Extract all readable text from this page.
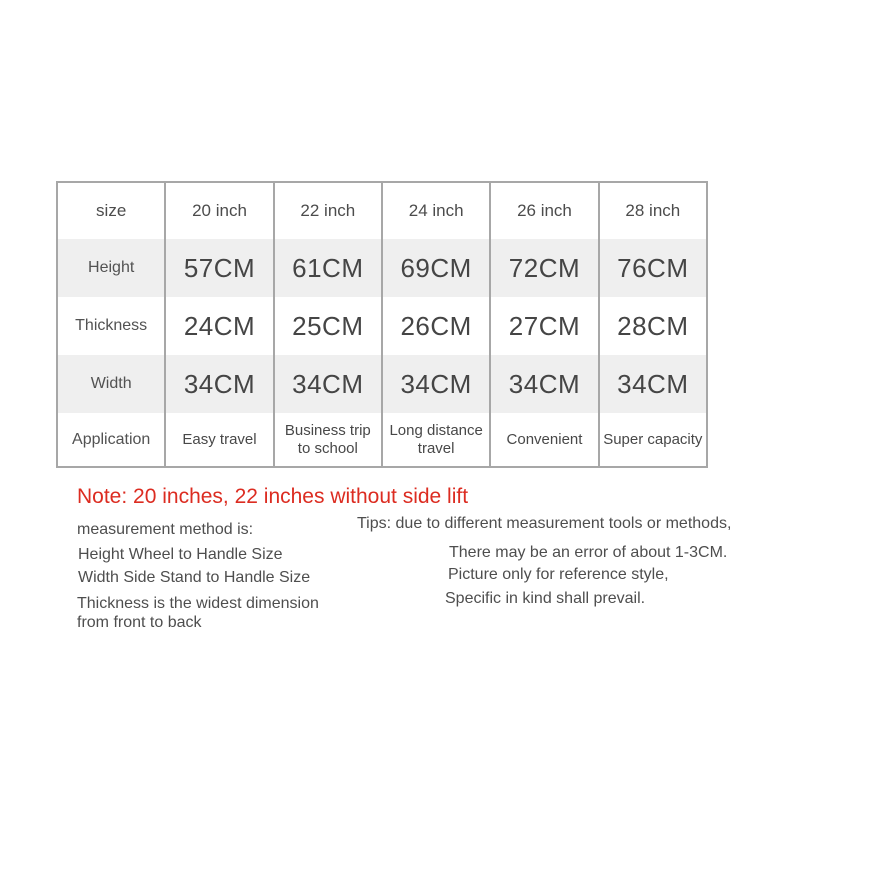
size	20 inch	22 inch	24 inch	26 inch	28 inch
Height	57CM	61CM	69CM	72CM	76CM
Thickness	24CM	25CM	26CM	27CM	28CM
Width	34CM	34CM	34CM	34CM	34CM
Application	Easy travel	Business trip to school	Long distance travel	Convenient	Super capacity
Note: 20 inches, 22 inches without side lift
measurement method is:
Height Wheel to Handle Size
Width Side Stand to Handle Size
Thickness is the widest dimension from front to back
Tips: due to different measurement tools or methods,
There may be an error of about 1-3CM.
Picture only for reference style,
Specific in kind shall prevail.
